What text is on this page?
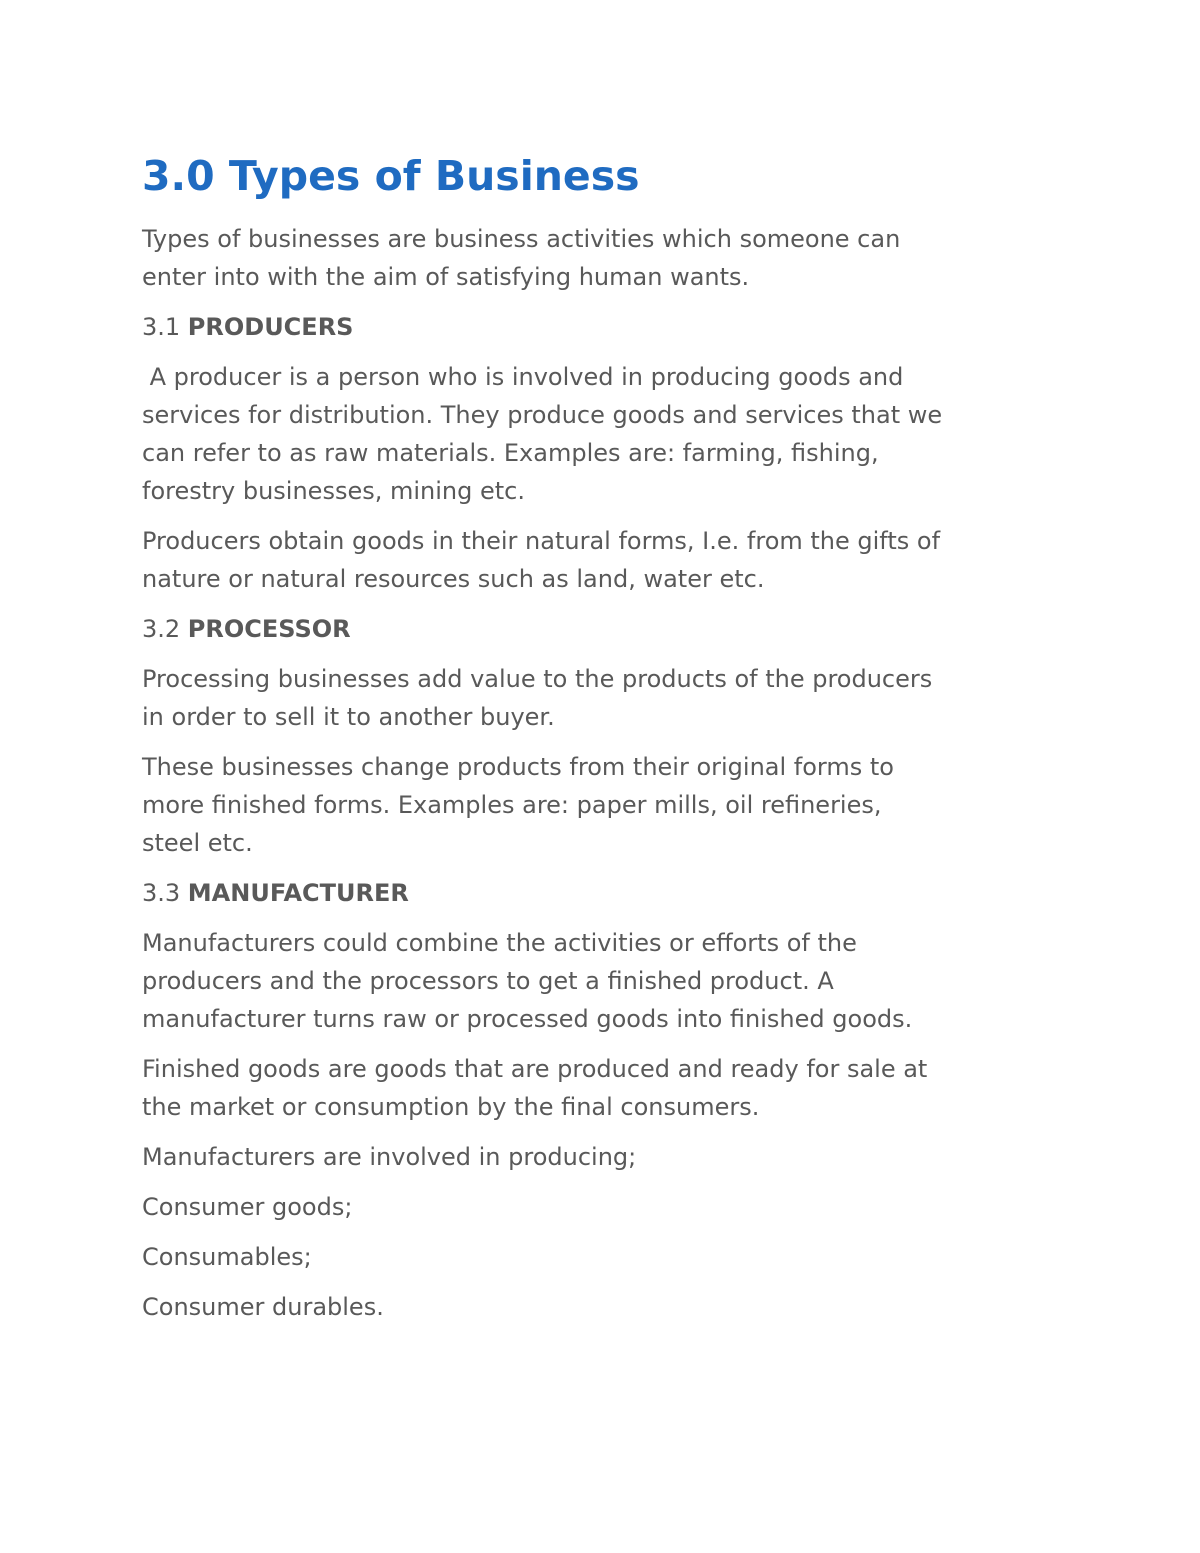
3.0 Types of Business

Types of businesses are business activities which someone can
enter into with the aim of satisfying human wants.

3.1 PRODUCERS

A producer is a person who is involved in producing goods and
services for distribution. They produce goods and services that we
can refer to as raw materials. Examples are: farming, fishing,
forestry businesses, mining etc.

Producers obtain goods in their natural forms, I.e. from the gifts of
nature or natural resources such as land, water etc.

3.2 PROCESSOR

Processing businesses add value to the products of the producers
in order to sell it to another buyer.

These businesses change products from their original forms to
more finished forms. Examples are: paper mills, oil refineries,
steel etc.

3.3 MANUFACTURER

Manufacturers could combine the activities or efforts of the
producers and the processors to get a finished product. A
manufacturer turns raw or processed goods into finished goods.

Finished goods are goods that are produced and ready for sale at
the market or consumption by the final consumers.

Manufacturers are involved in producing;

Consumer goods;

Consumables;

Consumer durables.
